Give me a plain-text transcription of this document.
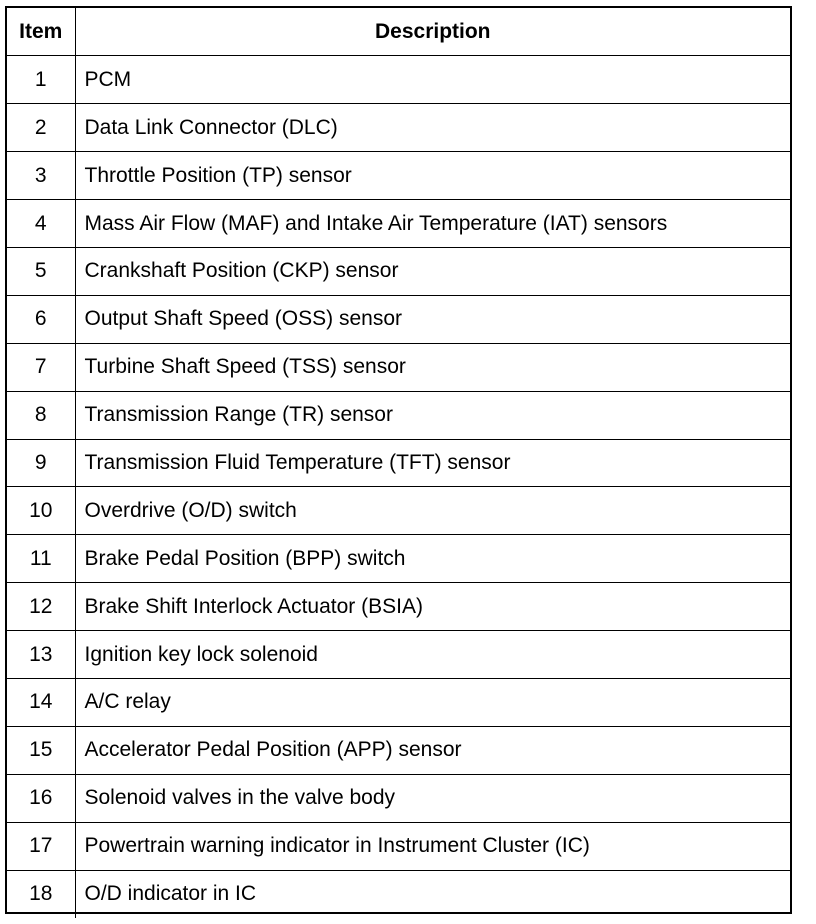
Item	Description
1	PCM
2	Data Link Connector (DLC)
3	Throttle Position (TP) sensor
4	Mass Air Flow (MAF) and Intake Air Temperature (IAT) sensors
5	Crankshaft Position (CKP) sensor
6	Output Shaft Speed (OSS) sensor
7	Turbine Shaft Speed (TSS) sensor
8	Transmission Range (TR) sensor
9	Transmission Fluid Temperature (TFT) sensor
10	Overdrive (O/D) switch
11	Brake Pedal Position (BPP) switch
12	Brake Shift Interlock Actuator (BSIA)
13	Ignition key lock solenoid
14	A/C relay
15	Accelerator Pedal Position (APP) sensor
16	Solenoid valves in the valve body
17	Powertrain warning indicator in Instrument Cluster (IC)
18	O/D indicator in IC
